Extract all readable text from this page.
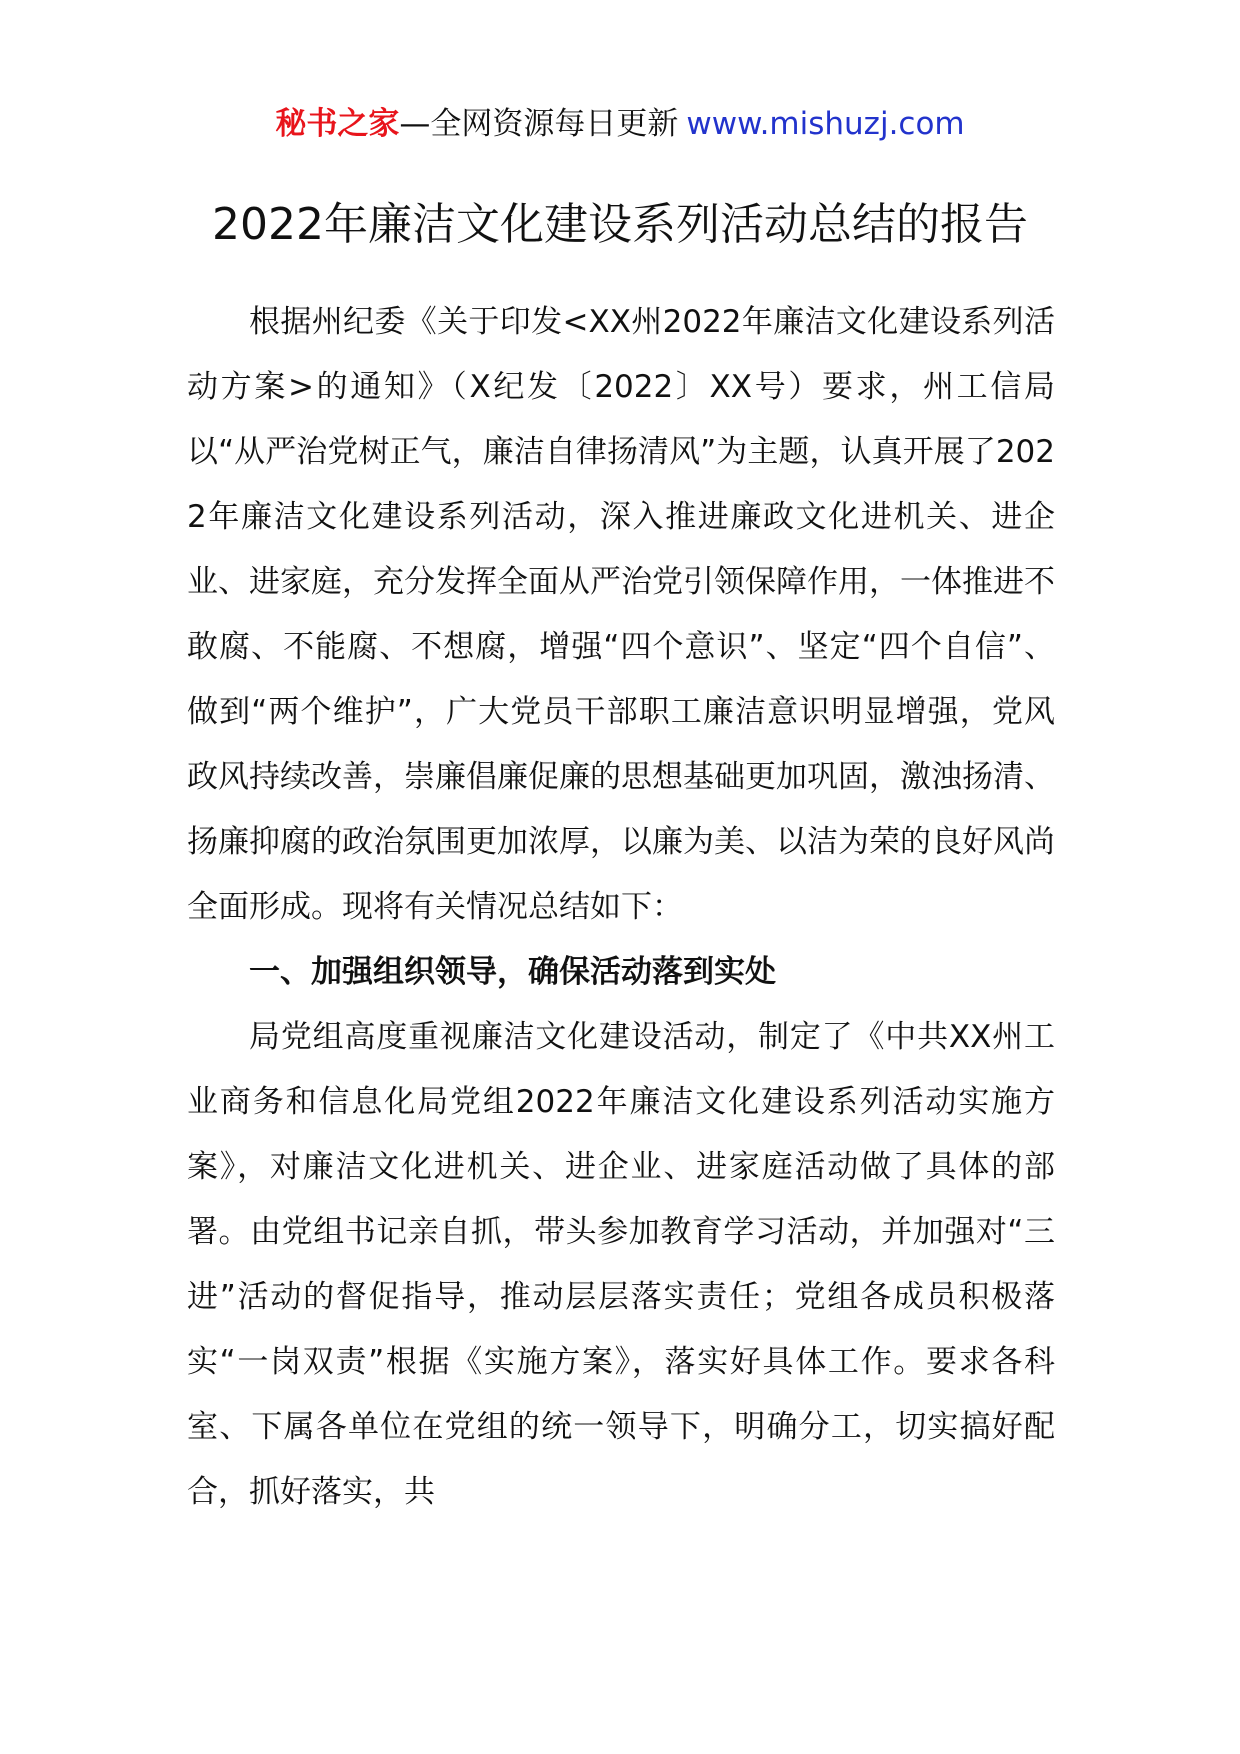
秘书之家—全网资源每日更新 www.mishuzj.com
2022年廉洁文化建设系列活动总结的报告

根据州纪委《关于印发<XX州2022年廉洁文化建设系列活动方案>的通知》（X纪发〔2022〕XX号）要求，州工信局以“从严治党树正气，廉洁自律扬清风”为主题，认真开展了2022年廉洁文化建设系列活动，深入推进廉政文化进机关、进企业、进家庭，充分发挥全面从严治党引领保障作用，一体推进不敢腐、不能腐、不想腐，增强“四个意识”、坚定“四个自信”、做到“两个维护”，广大党员干部职工廉洁意识明显增强，党风政风持续改善，崇廉倡廉促廉的思想基础更加巩固，激浊扬清、扬廉抑腐的政治氛围更加浓厚，以廉为美、以洁为荣的良好风尚全面形成。现将有关情况总结如下：

一、加强组织领导，确保活动落到实处

局党组高度重视廉洁文化建设活动，制定了《中共XX州工业商务和信息化局党组2022年廉洁文化建设系列活动实施方案》，对廉洁文化进机关、进企业、进家庭活动做了具体的部署。由党组书记亲自抓，带头参加教育学习活动，并加强对“三进”活动的督促指导，推动层层落实责任；党组各成员积极落实“一岗双责”根据《实施方案》，落实好具体工作。要求各科室、下属各单位在党组的统一领导下，明确分工，切实搞好配合，抓好落实，共
